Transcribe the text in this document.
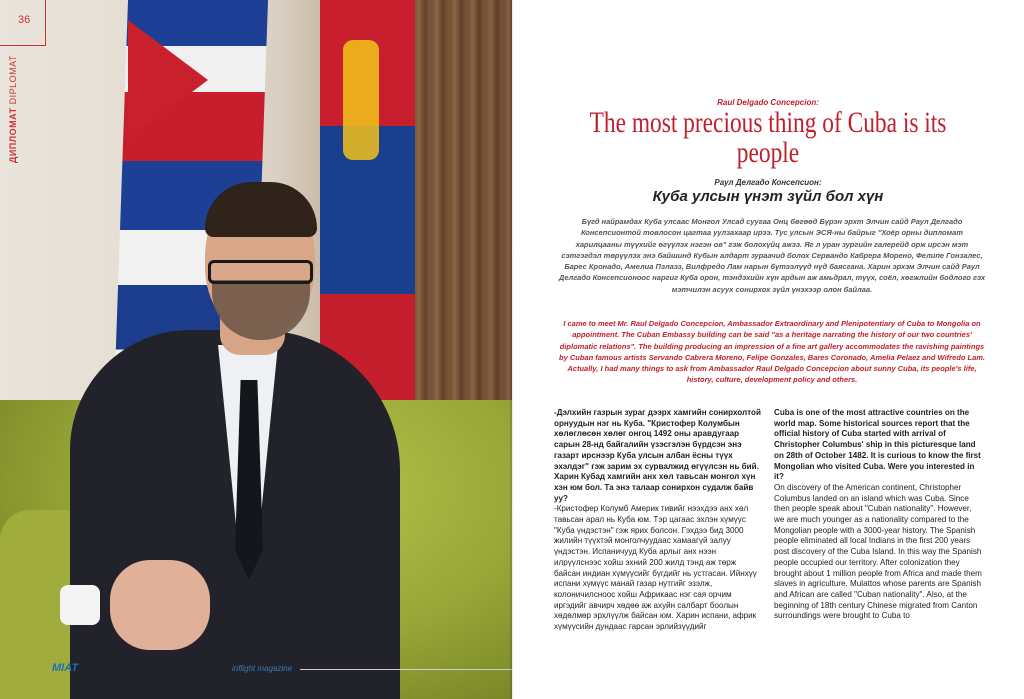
36
ДИПЛОМАТ DIPLOMAT
MIAT	inflight magazine
Raul Delgado Concepcion:
The most precious thing of Cuba is its people
Раул Делгадо Консепсион:
Куба улсын үнэт зүйл бол хүн
Бүгд найрамдах Куба улсаас Монгол Улсад суугаа Онц бөгөөд Бүрэн эрхт Элчин сайд Раул Делгадо Консепсионтой товлосон цагтаа уулзахаар ирээ. Тус улсын ЭСЯ-ны байрыг "Хоёр орны дипломат харилцааны түүхийг өгүүлэх нэгэн ов" гэж болохүйц ажээ. Яг л уран зургийн галерейд орж ирсэн мэт сэтгэгдэл төрүүлэх энэ байшинд Кубын алдарт зураачид болох Сервандо Кабрера Морено, Фелипе Гонзалес, Барес Кронадо, Амелиа Пэлаэз, Вилфредо Лам нарын бүтээлүүд нүд баясгана. Харин эрхэм Элчин сайд Раул Делгадо Консепсионоос наргиг Куба орон, тэндэхийн хүн ардын аж амьдрал, түүх, соёл, хөгжлийн бодлого гэх мэтчилэн асуух сонирхох зүйл үнэхээр олон байлаа.
I came to meet Mr. Raul Delgado Concepcion, Ambassador Extraordinary and Plenipotentiary of Cuba to Mongolia on appointment. The Cuban Embassy building can be said "as a heritage narrating the history of our two countries' diplomatic relations". The building producing an impression of a fine art gallery accommodates the ravishing paintings by Cuban famous artists Servando Cabrera Moreno, Felipe Gonzales, Bares Coronado, Amelia Pelaez and Wifredo Lam. Actually, I had many things to ask from Ambassador Raul Delgado Concepcion about sunny Cuba, its people's life, history, culture, development policy and others.

-Дэлхийн газрын зураг дээрх хамгийн сонирхолтой орнуудын нэг нь Куба. "Кристофер Колумбын хөлөглөсөн хөлөг онгоц 1492 оны аравдугаар сарын 28-нд байгалийн үзэсгэлэн бүрдсэн энэ газарт ирснээр Куба улсын албан ёсны түүх эхэлдэг" гэж зарим эх сурвалжид өгүүлсэн нь бий. Харин Кубад хамгийн анх хөл тавьсан монгол хүн хэн юм бол. Та энэ талаар сонирхон судалж байв уу?

-Кристофер Колумб Америк тивийг нээхдээ анх хөл тавьсан арал нь Куба юм. Тэр цагаас эхлэн хүмүүс "Куба үндэстэн" гэж ярих болсон. Гэхдээ бид 3000 жилийн түүхтэй монголчуудаас хамаагүй залуу үндэстэн. Испаничууд Куба арлыг анх нээн илрүүлснээс хойш эхний 200 жилд тэнд аж төрж байсан индиан хүмүүсийг бүгдийг нь устгасан. Ийнхүү испани хүмүүс манай газар нутгийг эзэлж, колоничилсноос хойш Африкаас нэг сая орчим иргэдийг авчирч хөдөө аж ахуйн салбарт боолын хөдөлмөр эрхлүүлж байсан юм. Харин испани, африк хүмүүсийн дундаас гарсан эрлийзүүдийг

Cuba is one of the most attractive countries on the world map. Some historical sources report that the official history of Cuba started with arrival of Christopher Columbus' ship in this picturesque land on 28th of October 1482. It is curious to know the first Mongolian who visited Cuba. Were you interested in it?

On discovery of the American continent, Christopher Columbus landed on an island which was Cuba. Since then people speak about "Cuban nationality". However, we are much younger as a nationality compared to the Mongolian people with a 3000-year history. The Spanish people eliminated all local Indians in the first 200 years post discovery of the Cuba Island. In this way the Spanish people occupied our territory. After colonization they brought about 1 million people from Africa and made them slaves in agriculture. Mulattos whose parents are Spanish and African are called "Cuban nationality". Also, at the beginning of 18th century Chinese migrated from Canton surroundings were brought to Cuba to
